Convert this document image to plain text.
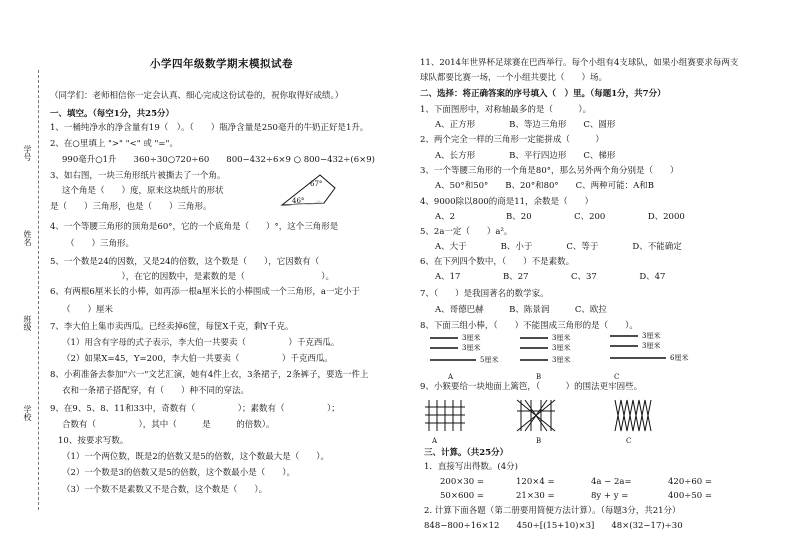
学号
姓名
班级
学校
小学四年级数学期末模拟试卷
（同学们：老师相信你一定会认真、细心完成这份试卷的，祝你取得好成绩。）
一、填空。（每空1分，共25分）
1、一桶纯净水的净含量有19（　）。（　　）瓶净含量是250毫升的牛奶正好是1升。
2、在○里填上 ">" "<" 或 "="。
990毫升○1升　　360÷30○720÷60　　800−432÷6×9 ○ 800−432÷(6×9)
3、如右图，一块三角形纸片被撕去了一个角。
这个角是（　　）度，原来这块纸片的形状
是（　　）三角形，也是（　　）三角形。
4、一个等腰三角形的顶角是60°，它的一个底角是（　　）°，这个三角形是
（　　）三角形。
5、一个数是24的因数，又是24的倍数，这个数是（　　），它因数有（　　　　
　　　　　　　），在它的因数中，是素数的是（　　　　　　　　　）。
6、有两根6厘米长的小棒，如再添一根a厘米长的小棒围成一个三角形，a一定小于
（　　）厘米
7、李大伯上集市卖西瓜。已经卖掉6筐，每筐X千克，剩Y千克。
（1）用含有字母的式子表示，李大伯一共要卖（　　　　　）千克西瓜。
（2）如果X=45，Y=200，李大伯一共要卖（　　　　　）千克西瓜。
8、小莉准备去参加"六一"文艺汇演，她有4件上衣，3条裙子，2条裤子，要选一件上
衣和一条裙子搭配穿，有（　　）种不同的穿法。
9、在9、5、8、11和33中，奇数有（　　　　　）；素数有（　　　　　）；
合数有（　　　　　），其中（　　　是　　　的倍数）。
10、按要求写数。
（1）一个两位数，既是2的倍数又是5的倍数，这个数最大是（　　）。
（2）一个数是3的倍数又是5的倍数，这个数最小是（　　）。
（3）一个数不是素数又不是合数，这个数是（　　）。
67°
46°
11、2014年世界杯足球赛在巴西举行。每个小组有4支球队，如果小组赛要求每两支
球队都要比赛一场，一个小组共要比（　　）场。
二、选择：将正确答案的序号填入（　）里。（每题1分，共7分）
1、下面图形中，对称轴最多的是（　　　）。
A、正方形　　　　B、等边三角形　　C、圆形
2、两个完全一样的三角形一定能拼成（　　　）
A、长方形　　　　B、平行四边形　　C、梯形
3、一个等腰三角形的一个角是80°，那么另外两个角分别是（　　）
A、50°和50°　　B、20°和80°　　C、两种可能：A和B
4、9000除以800的商是11，余数是（　　）
A、2　　　　　　B、20　　　　　C、200　　　　　D、2000
5、2a一定（　　）a²。
A、大于　　　　B、小于　　　　C、等于　　　　D、不能确定
6、在下列四个数中，（　　）不是素数。
A、17　　　　　B、27　　　　　C、37　　　　　D、47
7、（　　）是我国著名的数学家。
A、哥德巴赫　　　B、陈景润　　　C、欧拉
8、下面三组小棒，（　　）不能围成三角形的是（　　）。
3厘米
3厘米
5厘米
3厘米
3厘米
3厘米
3厘米
3厘米
6厘米
A	B	C
9、小猴要给一块地面上篱笆，（　　　）的围法更牢固些。
A	B	C
三、计算。（共25分）
1．直接写出得数。(4分)
200×30 =	120×4 =	4a − 2a=	420÷60 =
50×600 =	21×30 =	8y + y =	400÷50 =
2. 计算下面各题（第二册要用简便方法计算）。（每题3分，共21分）
848−800÷16×12　　450÷[(15+10)×3]　　48×(32−17)÷30
